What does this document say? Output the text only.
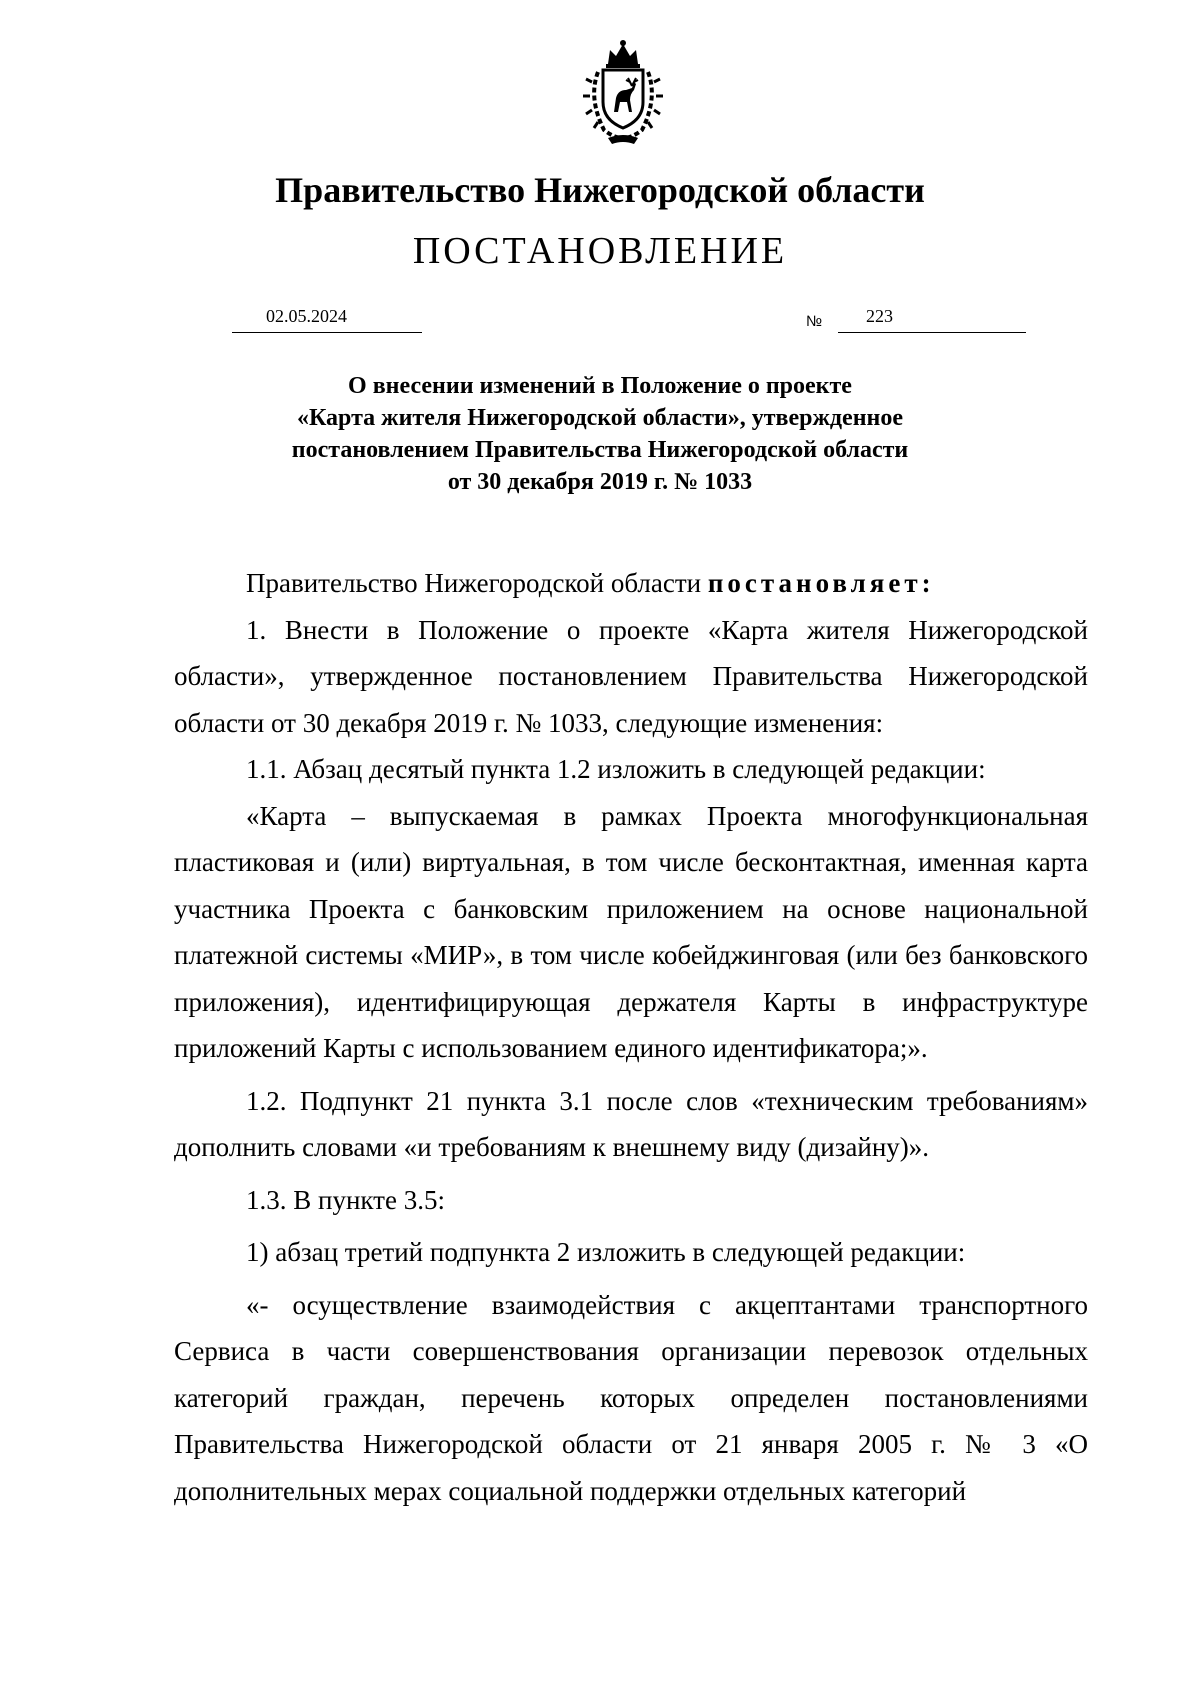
Правительство Нижегородской области
ПОСТАНОВЛЕНИЕ
02.05.2024	№ 223
О внесении изменений в Положение о проекте
«Карта жителя Нижегородской области», утвержденное
постановлением Правительства Нижегородской области
от 30 декабря 2019 г. № 1033

Правительство Нижегородской области постановляет:

1. Внести в Положение о проекте «Карта жителя Нижегородской области», утвержденное постановлением Правительства Нижегородской области от 30 декабря 2019 г. № 1033, следующие изменения:

1.1. Абзац десятый пункта 1.2 изложить в следующей редакции:

«Карта – выпускаемая в рамках Проекта многофункциональная пластиковая и (или) виртуальная, в том числе бесконтактная, именная карта участника Проекта с банковским приложением на основе национальной платежной системы «МИР», в том числе кобейджинговая (или без банковского приложения), идентифицирующая держателя Карты в инфраструктуре приложений Карты с использованием единого идентификатора;».

1.2. Подпункт 21 пункта 3.1 после слов «техническим требованиям» дополнить словами «и требованиям к внешнему виду (дизайну)».

1.3. В пункте 3.5:

1) абзац третий подпункта 2 изложить в следующей редакции:

«- осуществление взаимодействия с акцептантами транспортного Сервиса в части совершенствования организации перевозок отдельных категорий граждан, перечень которых определен постановлениями Правительства Нижегородской области от 21 января 2005 г. № 3 «О дополнительных мерах социальной поддержки отдельных категорий
